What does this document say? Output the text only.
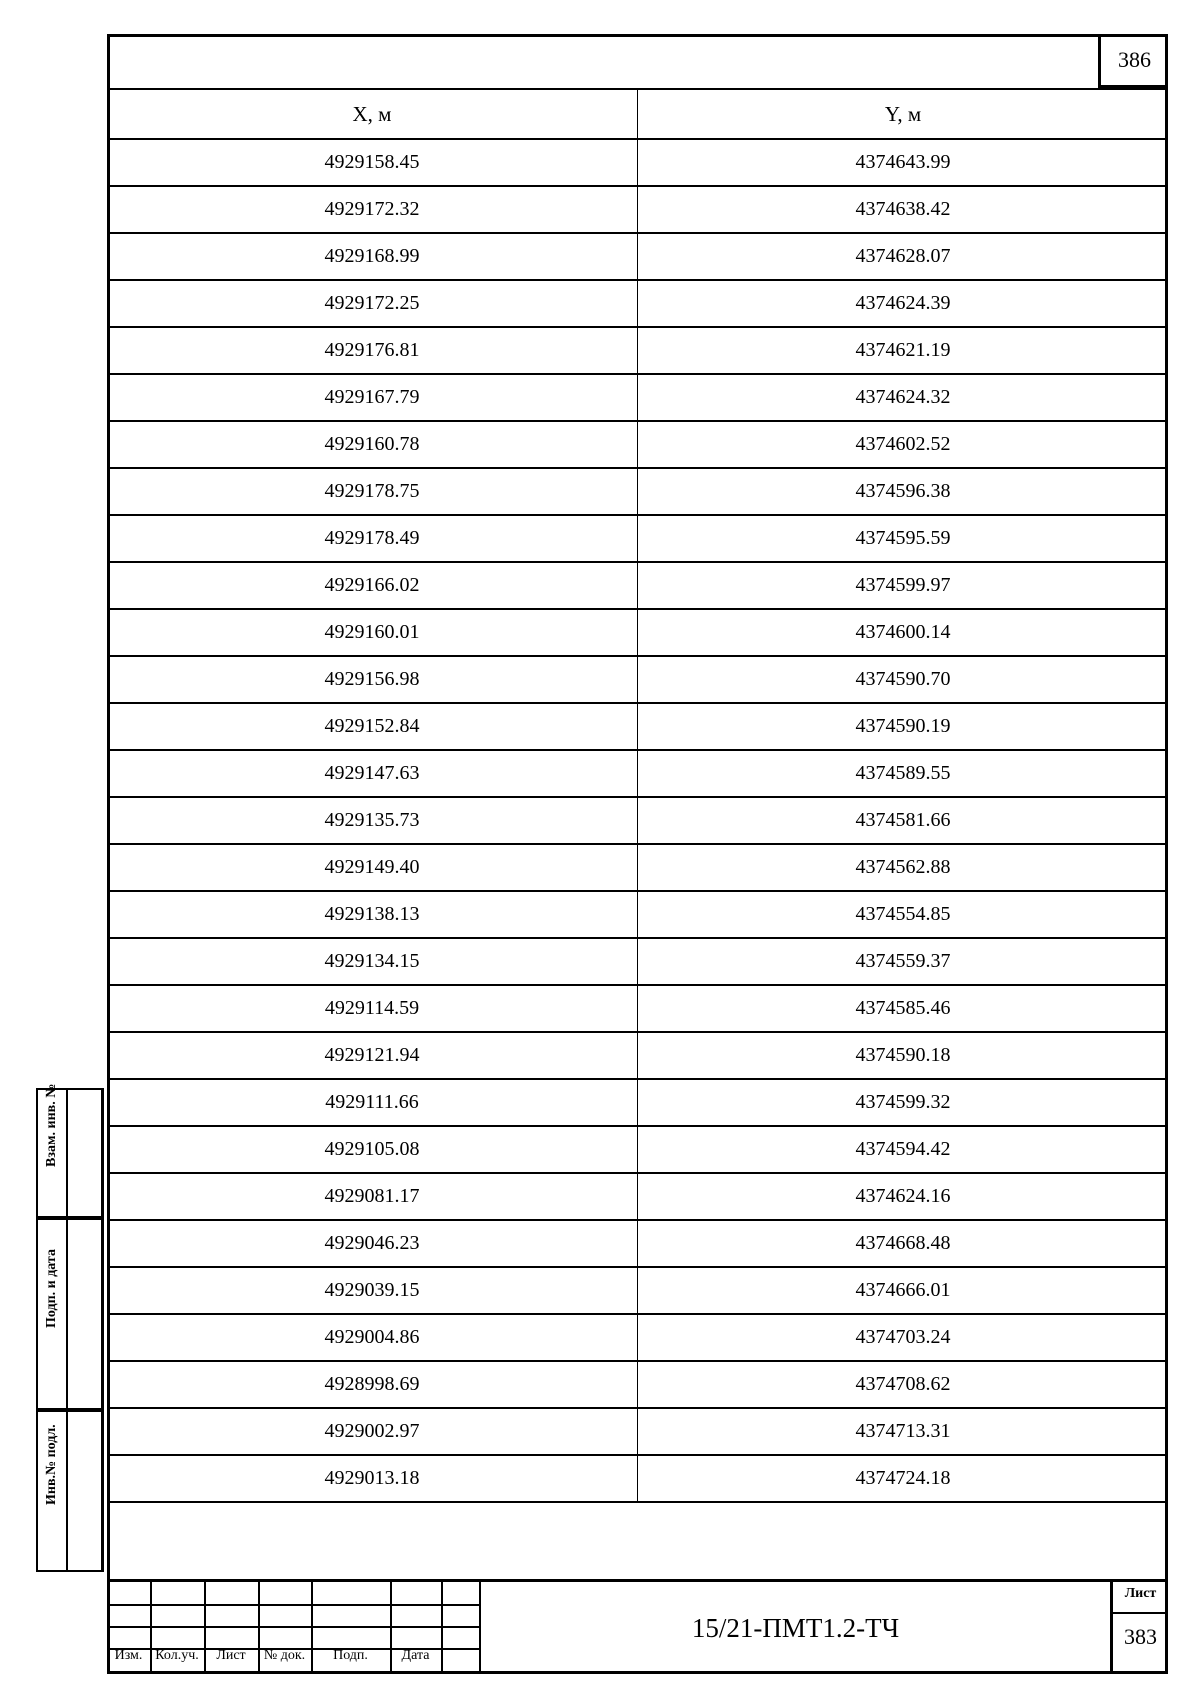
386
X, м	Y, м
4929158.45	4374643.99
4929172.32	4374638.42
4929168.99	4374628.07
4929172.25	4374624.39
4929176.81	4374621.19
4929167.79	4374624.32
4929160.78	4374602.52
4929178.75	4374596.38
4929178.49	4374595.59
4929166.02	4374599.97
4929160.01	4374600.14
4929156.98	4374590.70
4929152.84	4374590.19
4929147.63	4374589.55
4929135.73	4374581.66
4929149.40	4374562.88
4929138.13	4374554.85
4929134.15	4374559.37
4929114.59	4374585.46
4929121.94	4374590.18
4929111.66	4374599.32
4929105.08	4374594.42
4929081.17	4374624.16
4929046.23	4374668.48
4929039.15	4374666.01
4929004.86	4374703.24
4928998.69	4374708.62
4929002.97	4374713.31
4929013.18	4374724.18
Взам. инв. №
Подп. и дата
Инв.№ подл.
Изм. Кол.уч.	Лист	№ док.	Подп.	Дата
15/21-ПМТ1.2-ТЧ
Лист
383
